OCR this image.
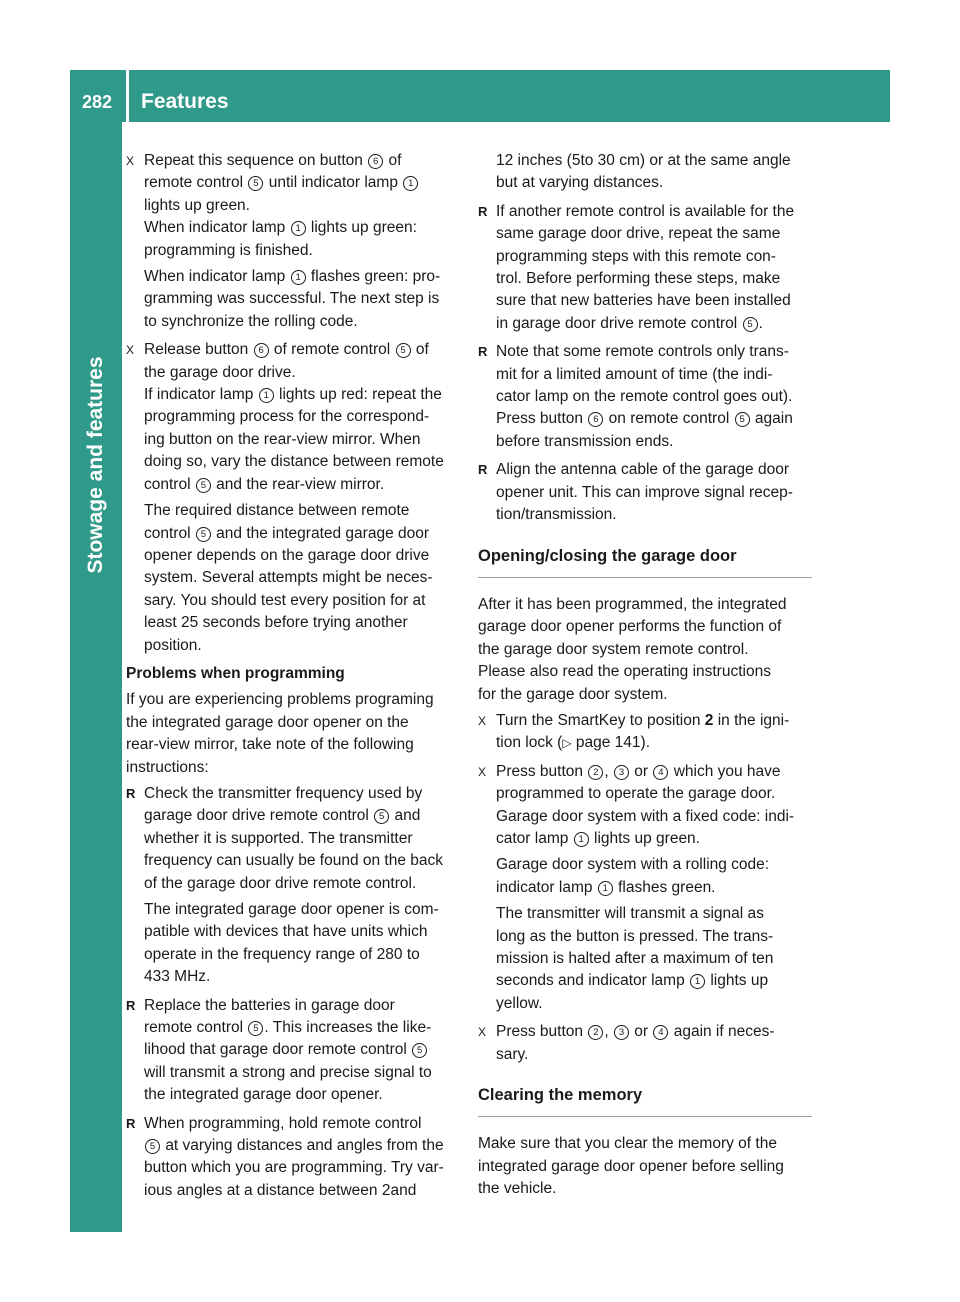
282	Features
Stowage and features
X Repeat this sequence on button 6 of
remote control 5 until indicator lamp 1
lights up green.
When indicator lamp 1 lights up green:
programming is finished.
When indicator lamp 1 flashes green: pro-
gramming was successful. The next step is
to synchronize the rolling code.
X Release button 6 of remote control 5 of
the garage door drive.
If indicator lamp 1 lights up red: repeat the
programming process for the correspond-
ing button on the rear-view mirror. When
doing so, vary the distance between remote
control 5 and the rear-view mirror.
The required distance between remote
control 5 and the integrated garage door
opener depends on the garage door drive
system. Several attempts might be neces-
sary. You should test every position for at
least 25 seconds before trying another
position.
Problems when programming
If you are experiencing problems programing
the integrated garage door opener on the
rear-view mirror, take note of the following
instructions:
R Check the transmitter frequency used by
garage door drive remote control 5 and
whether it is supported. The transmitter
frequency can usually be found on the back
of the garage door drive remote control.
The integrated garage door opener is com-
patible with devices that have units which
operate in the frequency range of 280 to
433 MHz.
R Replace the batteries in garage door
remote control 5 . This increases the like-
lihood that garage door remote control 5
will transmit a strong and precise signal to
the integrated garage door opener.
R When programming, hold remote control
5 at varying distances and angles from the
button which you are programming. Try var-
ious angles at a distance between 2and
12 inches (5to 30 cm) or at the same angle
but at varying distances.
R If another remote control is available for the
same garage door drive, repeat the same
programming steps with this remote con-
trol. Before performing these steps, make
sure that new batteries have been installed
in garage door drive remote control 5 .
R Note that some remote controls only trans-
mit for a limited amount of time (the indi-
cator lamp on the remote control goes out).
Press button 6 on remote control 5 again
before transmission ends.
R Align the antenna cable of the garage door
opener unit. This can improve signal recep-
tion/transmission.
Opening/closing the garage door
After it has been programmed, the integrated
garage door opener performs the function of
the garage door system remote control.
Please also read the operating instructions
for the garage door system.
X Turn the SmartKey to position 2 in the igni-
tion lock (▷ page 141).
X Press button 2 , 3 or 4 which you have
programmed to operate the garage door.
Garage door system with a fixed code: indi-
cator lamp 1 lights up green.
Garage door system with a rolling code:
indicator lamp 1 flashes green.
The transmitter will transmit a signal as
long as the button is pressed. The trans-
mission is halted after a maximum of ten
seconds and indicator lamp 1 lights up
yellow.
X Press button 2 , 3 or 4 again if neces-
sary.
Clearing the memory
Make sure that you clear the memory of the
integrated garage door opener before selling
the vehicle.
